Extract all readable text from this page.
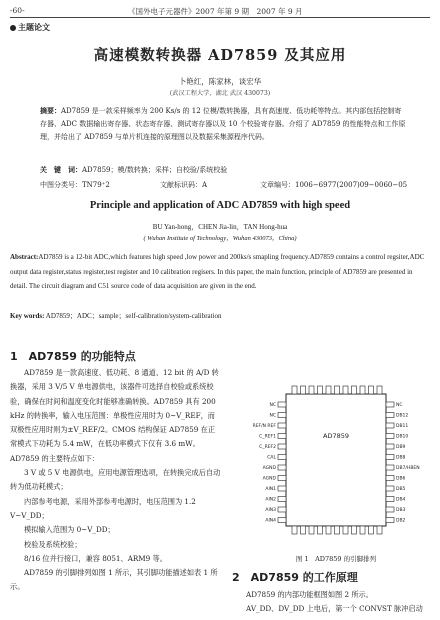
-60-	《国外电子元器件》2007 年第 9 期　2007 年 9 月
主题论文
高速模数转换器 AD7859 及其应用
卜艳红，陈家林，谈宏华
(武汉工程大学，湖北 武汉 430073)
摘要：AD7859 是一款采样频率为 200 Ks/s 的 12 位模/数转换器，具有高速度、低功耗等特点。其内部包括控制寄存器、ADC 数据输出寄存器、状态寄存器、测试寄存器以及 10 个校验寄存器。介绍了 AD7859 的性能特点和工作原理，并给出了 AD7859 与单片机连接的原理图以及数据采集源程序代码。
关　键　词：AD7859；模/数转换；采样；自校验/系统校验
中图分类号：TN79⁺2	文献标识码：A	文章编号：1006−6977(2007)09−0060−05
Principle and application of ADC AD7859 with high speed
BU Yan-hong，CHEN Jia-lin，TAN Hong-hua
( Wuhan Institute of Technology，Wuhan 430073，China)
Abstract:AD7859 is a 12-bit ADC,which features high speed ,low power and 200ks/s smapling frequency.AD7859 contains a control regsiter,ADC output data register,status register,test register and 10 calibration regisers. In this paper, the main function, principle of AD7859 are presented in detail. The circuit diagram and C51 source code of data acquisition are given in the end.
Key words: AD7859；ADC；sample；self-calibration/system-calibration
1　AD7859 的功能特点

AD7859 是一款高速度、低功耗、8 通道、12 bit 的 A/D 转换器，采用 3 V/5 V 单电源供电，该器件可选择自校验或系统校验，确保在时间和温度变化时能够准确转换。AD7859 具有 200 kHz 的转换率，输入电压范围：单极性应用时为 0~V_REF，而双极性应用时则为±V_REF/2。CMOS 结构保证 AD7859 在正常模式下功耗为 5.4 mW，在低功率模式下仅有 3.6 mW。AD7859 的主要特点如下：

3 V 或 5 V 电源供电，应用电源管理选项，在转换完成后自动转为低功耗模式；

内部参考电源，采用外部参考电源时，电压范围为 1.2 V~V_DD；

模拟输入范围为 0~V_DD；

校验及系统校验；

8/16 位并行接口，兼容 8051、ARM9 等。

AD7859 的引脚排列如图 1 所示，其引脚功能描述如表 1 所示。

AD7859
NC
NC
REF/N REF
C_REF1
C_REF2
CAL
AGND
AGND
AIN1
AIN2
AIN3
AIN4
NC
DB12
DB11
DB10
DB9
DB8
DB7/HBEN
DB6
DB5
DB4
DB3
DB2
图 1　AD7859 的引脚排列
2　AD7859 的工作原理

AD7859 的内部功能框图如图 2 所示。

AV_DD、DV_DD 上电后，第一个 CONVST 脉冲启动
